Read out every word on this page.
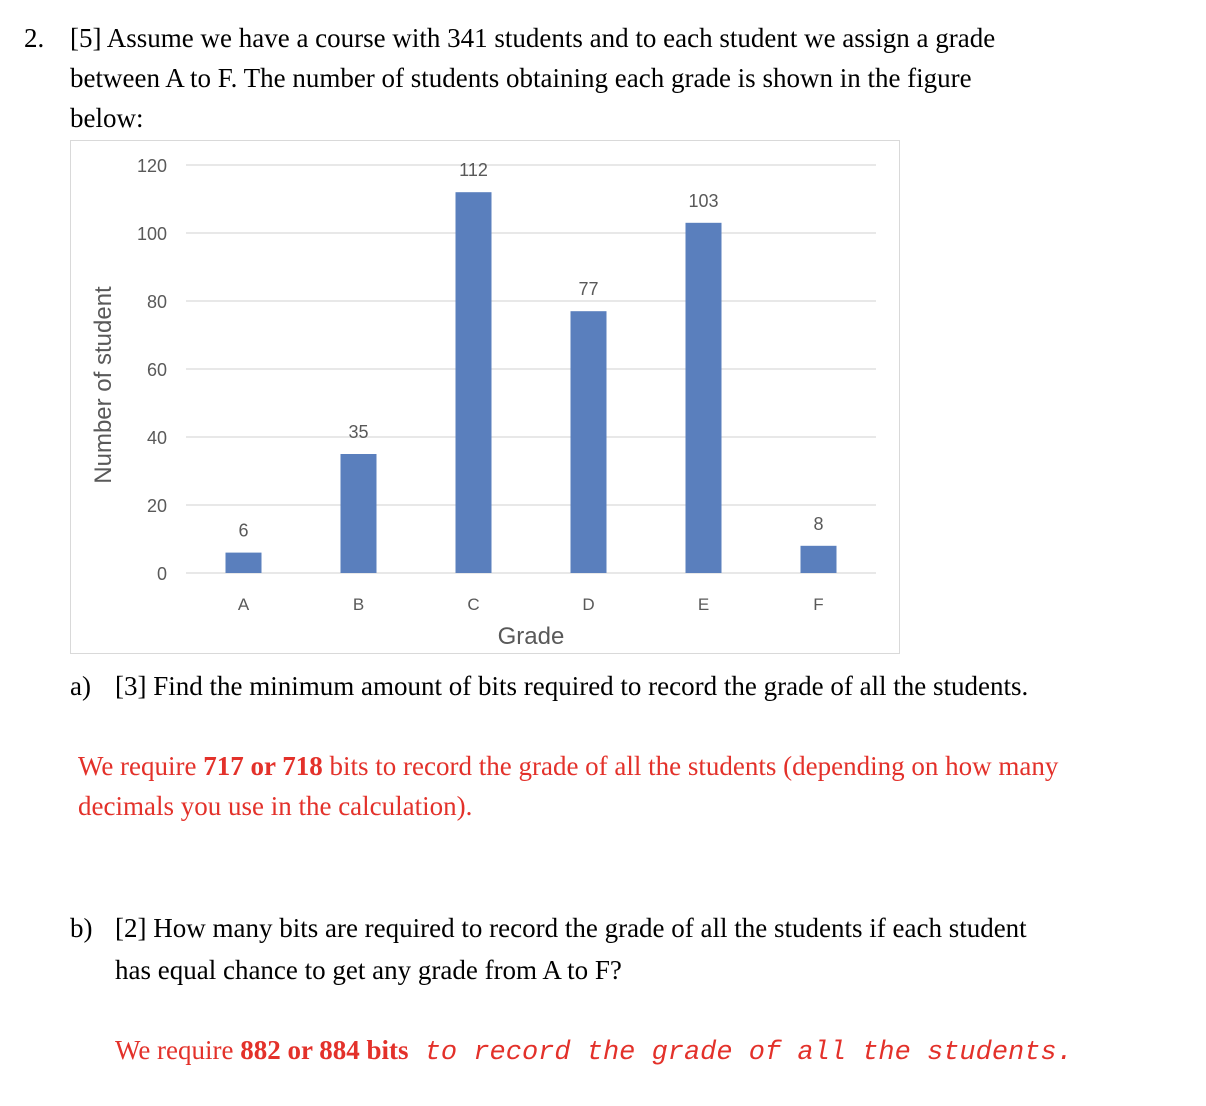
2. [5] Assume we have a course with 341 students and to each student we assign a grade
between A to F. The number of students obtaining each grade is shown in the figure
below:
0
20
40
60
80
100
120
6
A
35
B
112
C
77
D
103
E
8
F
Grade
Number of student
a) [3] Find the minimum amount of bits required to record the grade of all the students.
We require 717 or 718 bits to record the grade of all the students (depending on how many
decimals you use in the calculation).
b) [2] How many bits are required to record the grade of all the students if each student
has equal chance to get any grade from A to F?
We require 882 or 884 bits to record the grade of all the students.
